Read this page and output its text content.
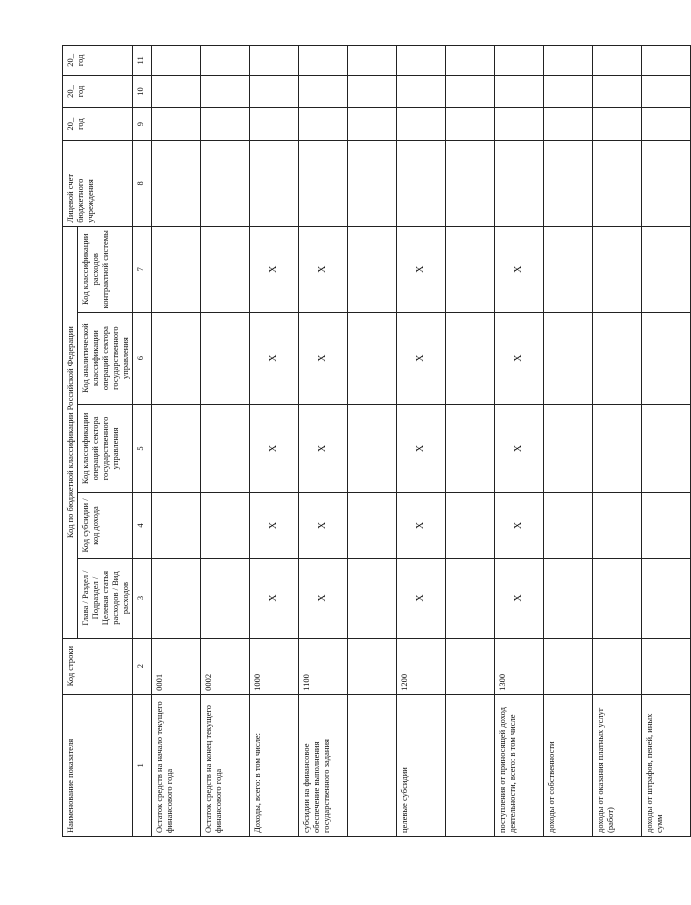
Наименование показателя	Код строки	Код по бюджетной классификации Российской Федерации					Лицевой счет бюджетного учреждения	20_ год	20_ год	20_ год

		Глава / Раздел /Подраздел / Целевая статья расходов / Вид расходов	Код субсидии / код дохода	Код классификации операций сектора государственного управления	Код аналитической классификации операций сектора государственного управления	Код классификации расходов контрактной системы				
1	2	3	4	5	6	7	8	9	10	11
Остаток средств на начало текущего финансового года	0001									
Остаток средств на конец текущего финансового года	0002									
Доходы, всего: в том числе:	1000	X	X	X	X	X				
субсидии на финансовое обеспечение выполнения государственного задания	1100	X	X	X	X	X				

целевые субсидии	1200	X	X	X	X	X				

поступления от приносящей доход деятельности, всего: в том числе	1300	X	X	X	X	X				
доходы от собственности										
доходы от оказания платных услуг (работ)										
доходы от штрафов, пеней, иных сумм										
